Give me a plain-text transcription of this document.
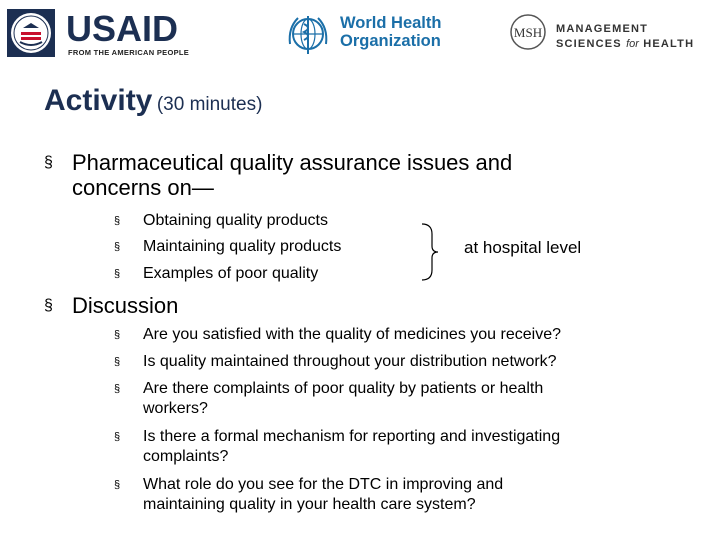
USAID
FROM THE AMERICAN PEOPLE
World Health
Organization	MSH MANAGEMENT
SCIENCES for HEALTH
Activity (30 minutes)
§ Pharmaceutical quality assurance issues and
concerns on—
§ Obtaining quality products
§ Maintaining quality products
§ Examples of poor quality
at hospital level
§ Discussion
§ Are you satisfied with the quality of medicines you receive?
§ Is quality maintained throughout your distribution network?
§ Are there complaints of poor quality by patients or health
workers?
§ Is there a formal mechanism for reporting and investigating
complaints?
§ What role do you see for the DTC in improving and
maintaining quality in your health care system?
